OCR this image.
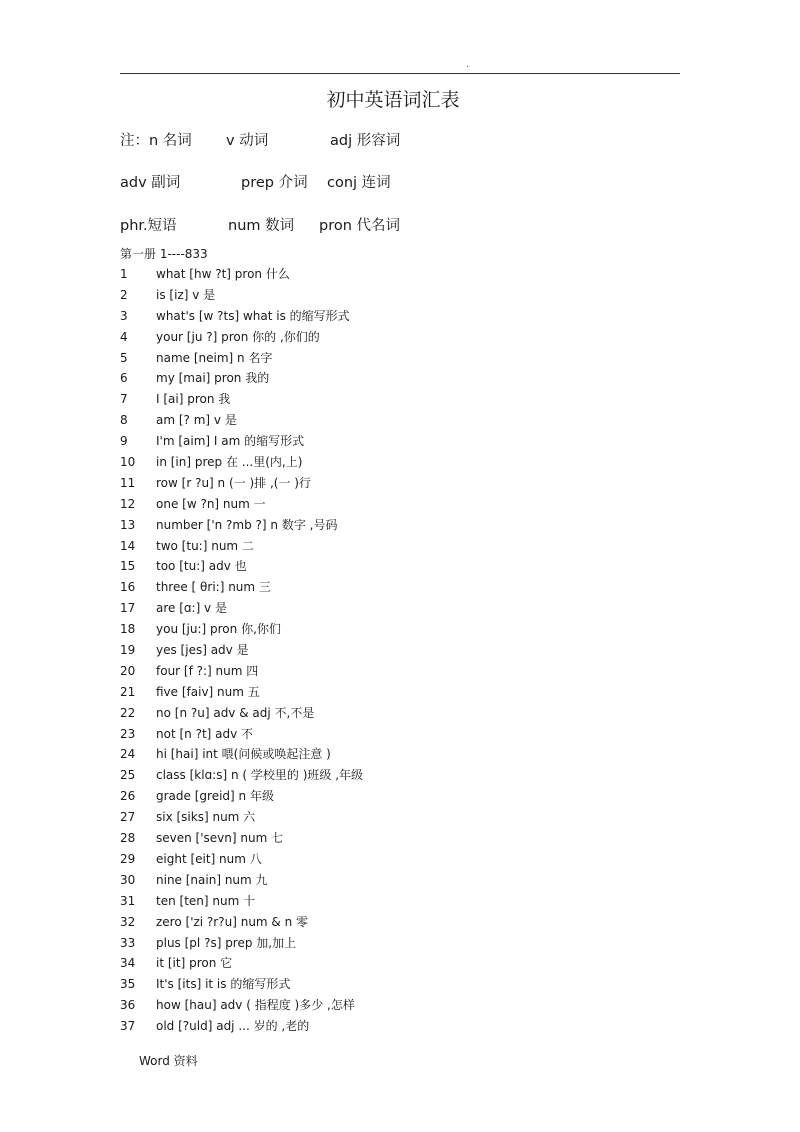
.
初中英语词汇表
注：n 名词 v 动词	adj 形容词
adv 副词	prep 介词 conj 连词
phr.短语	num 数词 pron 代名词
第一册 1----833
1	what [hw ?t] pron 什么
2	is [iz] v 是
3	what's [w ?ts] what is 的缩写形式
4	your [ju ?] pron 你的 ,你们的
5	name [neim] n 名字
6	my [mai] pron 我的
7	I [ai] pron 我
8	am [? m] v 是
9	I'm [aim] I am 的缩写形式
10	in [in] prep 在 ...里(内,上)
11	row [r ?u] n (一 )排 ,(一 )行
12	one [w ?n] num 一
13	number ['n ?mb ?] n 数字 ,号码
14	two [tu:] num 二
15	too [tu:] adv 也
16	three [ θri:] num 三
17	are [ɑ:] v 是
18	you [ju:] pron 你,你们
19	yes [jes] adv 是
20	four [f ?:] num 四
21	five [faiv] num 五
22	no [n ?u] adv & adj 不,不是
23	not [n ?t] adv 不
24	hi [hai] int 喂(问候或唤起注意 )
25	class [klɑ:s] n ( 学校里的 )班级 ,年级
26	grade [greid] n 年级
27	six [siks] num 六
28	seven ['sevn] num 七
29	eight [eit] num 八
30	nine [nain] num 九
31	ten [ten] num 十
32	zero ['zi ?r?u] num & n 零
33	plus [pl ?s] prep 加,加上
34	it [it] pron 它
35	It's [its] it is 的缩写形式
36	how [hau] adv ( 指程度 )多少 ,怎样
37	old [?uld] adj ... 岁的 ,老的
Word 资料
